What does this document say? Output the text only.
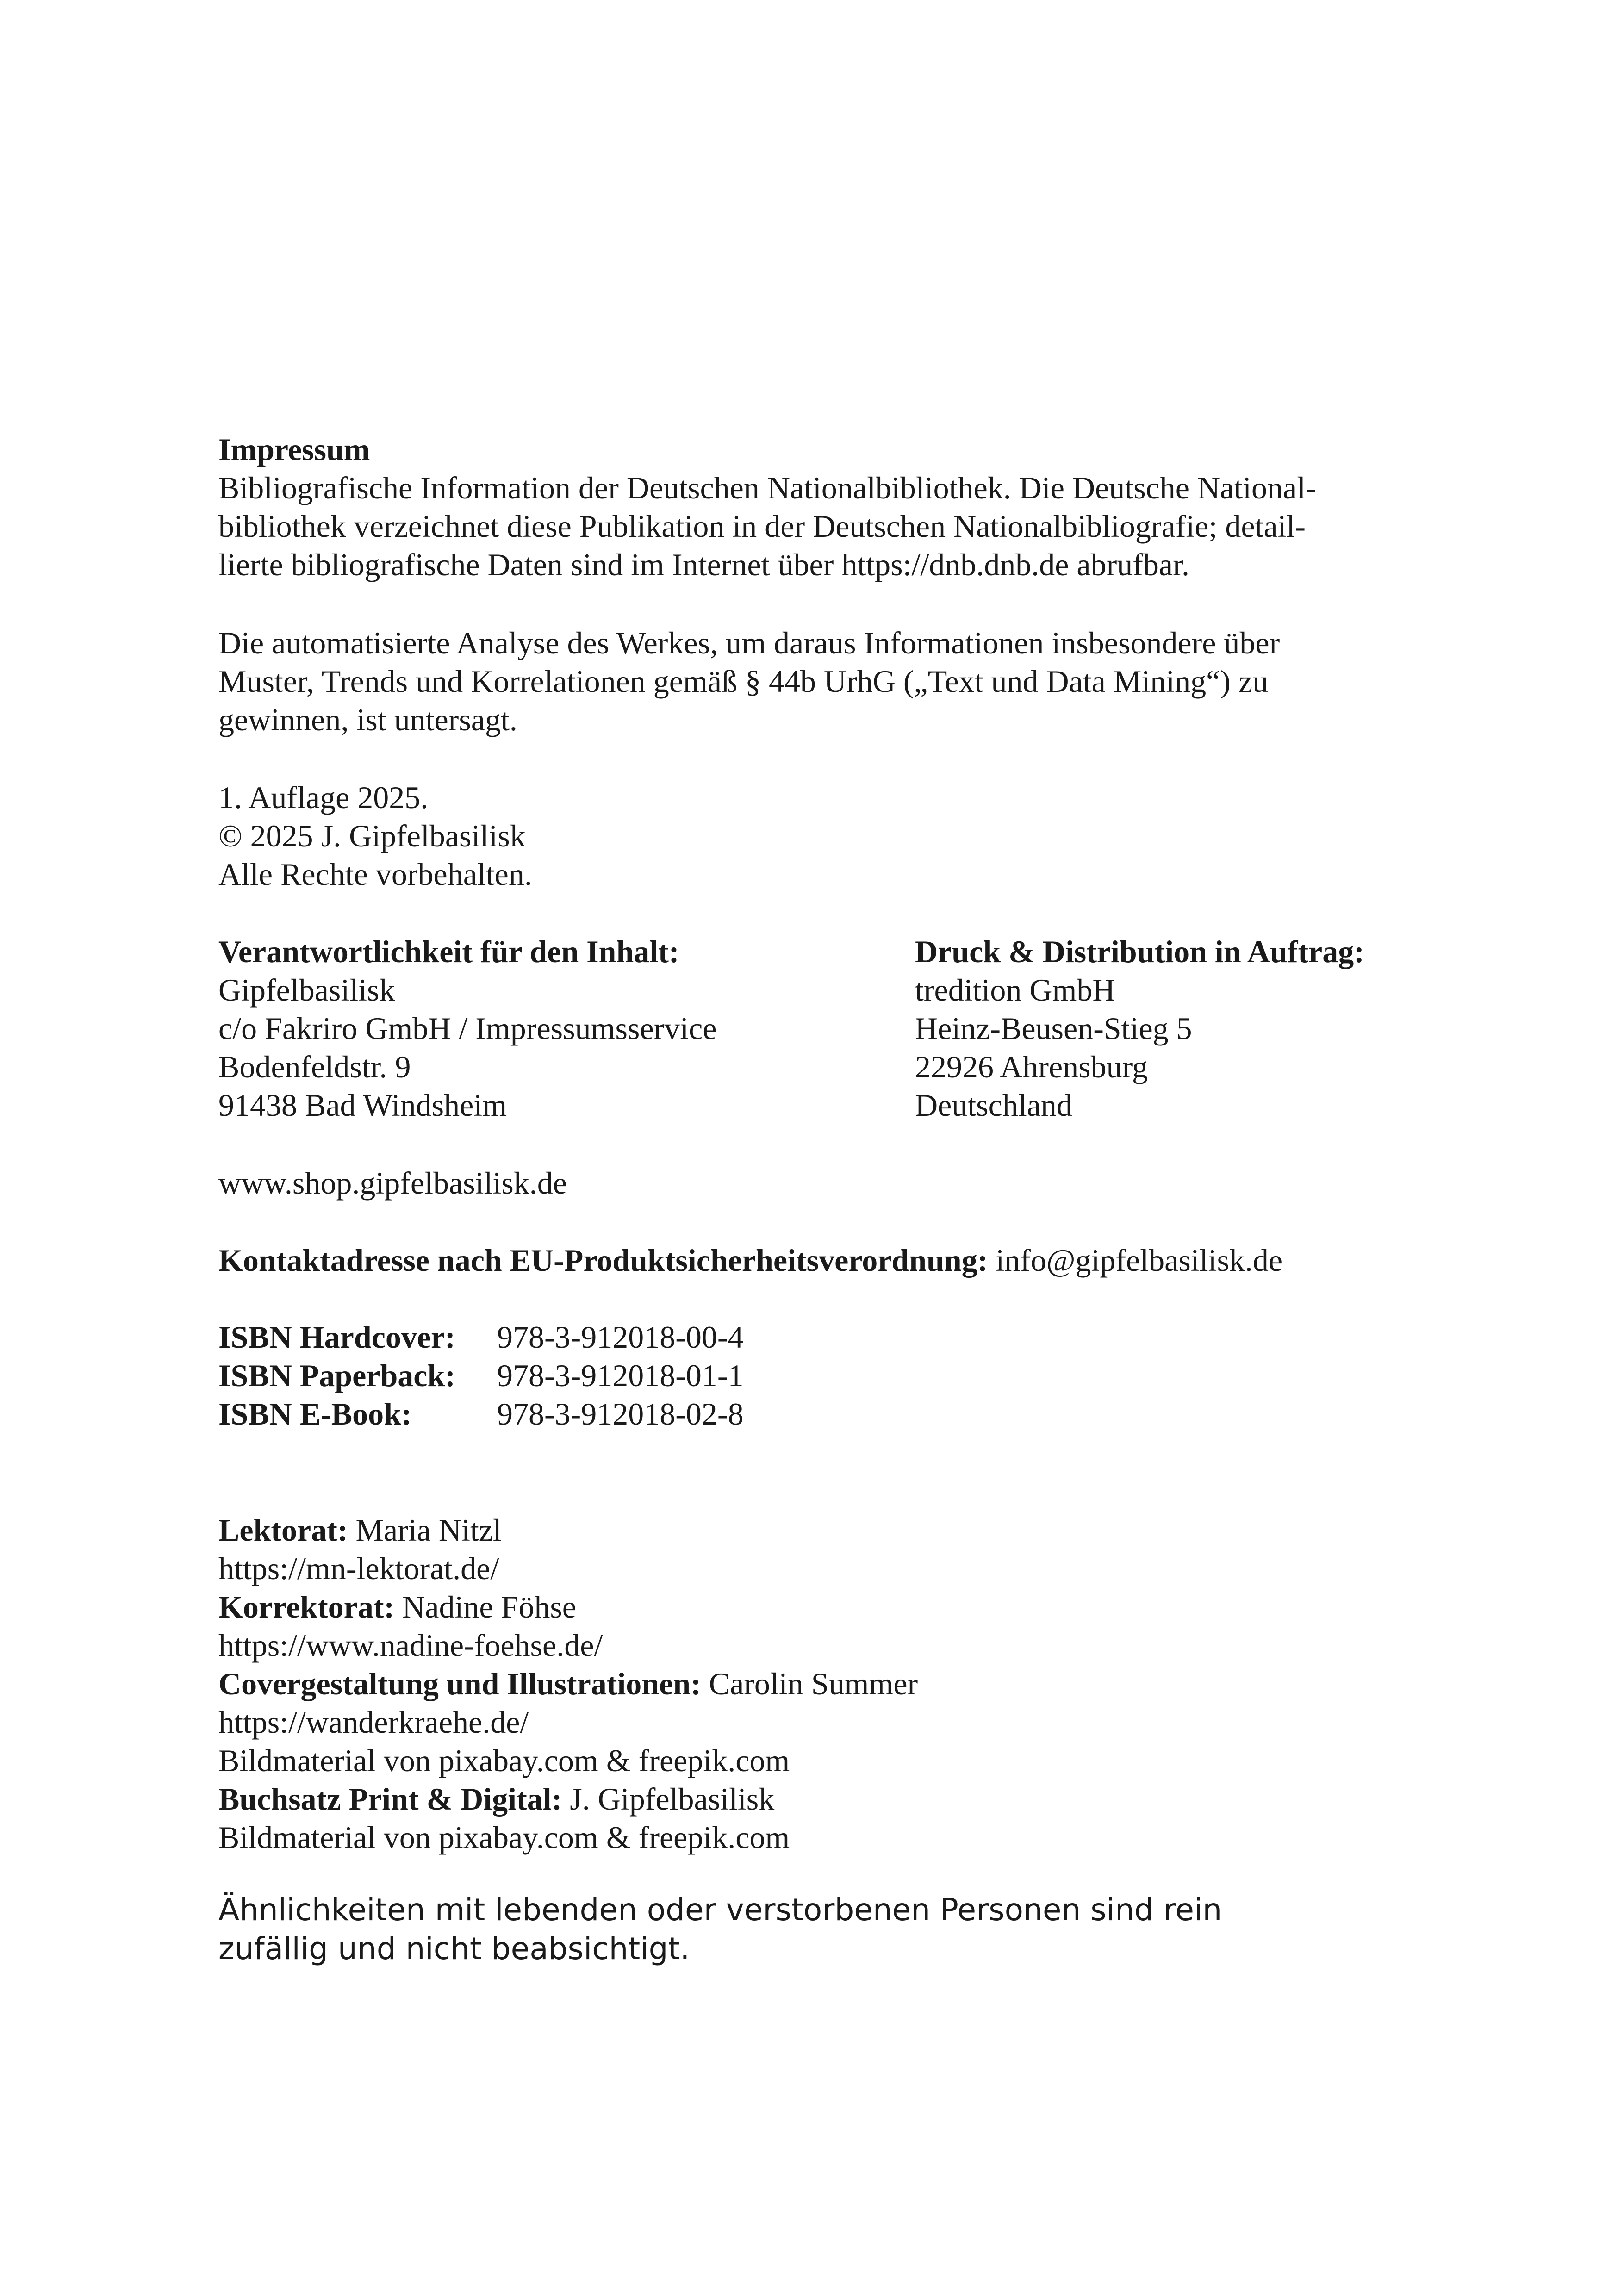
Impressum
Bibliografische Information der Deutschen Nationalbibliothek. Die Deutsche National-
bibliothek verzeichnet diese Publikation in der Deutschen Nationalbibliografie; detail-
lierte bibliografische Daten sind im Internet über https://dnb.dnb.de abrufbar.
Die automatisierte Analyse des Werkes, um daraus Informationen insbesondere über
Muster, Trends und Korrelationen gemäß § 44b UrhG („Text und Data Mining“) zu
gewinnen, ist untersagt.
1. Auflage 2025.
© 2025 J. Gipfelbasilisk
Alle Rechte vorbehalten.
Verantwortlichkeit für den Inhalt:
Gipfelbasilisk
c/o Fakriro GmbH / Impressumsservice
Bodenfeldstr. 9
91438 Bad Windsheim
Druck & Distribution in Auftrag:
tredition GmbH
Heinz-Beusen-Stieg 5
22926 Ahrensburg
Deutschland
www.shop.gipfelbasilisk.de
Kontaktadresse nach EU-Produktsicherheitsverordnung: info@gipfelbasilisk.de
ISBN Hardcover: 978-3-912018-00-4
ISBN Paperback: 978-3-912018-01-1
ISBN E-Book:	978-3-912018-02-8
Lektorat: Maria Nitzl
https://mn-lektorat.de/
Korrektorat: Nadine Föhse
https://www.nadine-foehse.de/
Covergestaltung und Illustrationen: Carolin Summer
https://wanderkraehe.de/
Bildmaterial von pixabay.com & freepik.com
Buchsatz Print & Digital: J. Gipfelbasilisk
Bildmaterial von pixabay.com & freepik.com
Ähnlichkeiten mit lebenden oder verstorbenen Personen sind rein zufällig und nicht beabsichtigt.
